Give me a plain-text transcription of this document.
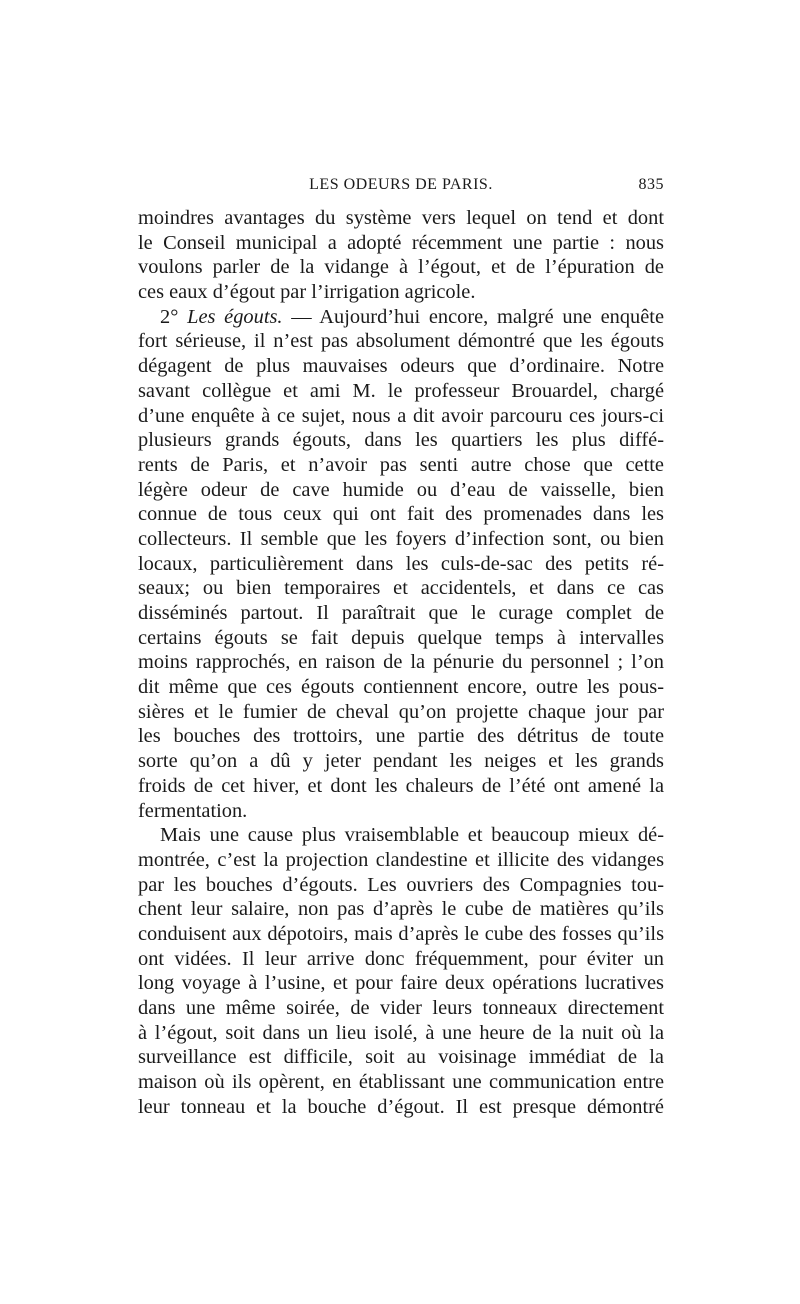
LES ODEURS DE PARIS.	835
moindres avantages du système vers lequel on tend et dont
le Conseil municipal a adopté récemment une partie : nous
voulons parler de la vidange à l’égout, et de l’épuration de
ces eaux d’égout par l’irrigation agricole.
2° Les égouts. — Aujourd’hui encore, malgré une enquête
fort sérieuse, il n’est pas absolument démontré que les égouts
dégagent de plus mauvaises odeurs que d’ordinaire. Notre
savant collègue et ami M. le professeur Brouardel, chargé
d’une enquête à ce sujet, nous a dit avoir parcouru ces jours-ci
plusieurs grands égouts, dans les quartiers les plus diffé-
rents de Paris, et n’avoir pas senti autre chose que cette
légère odeur de cave humide ou d’eau de vaisselle, bien
connue de tous ceux qui ont fait des promenades dans les
collecteurs. Il semble que les foyers d’infection sont, ou bien
locaux, particulièrement dans les culs-de-sac des petits ré-
seaux; ou bien temporaires et accidentels, et dans ce cas
disséminés partout. Il paraîtrait que le curage complet de
certains égouts se fait depuis quelque temps à intervalles
moins rapprochés, en raison de la pénurie du personnel ; l’on
dit même que ces égouts contiennent encore, outre les pous-
sières et le fumier de cheval qu’on projette chaque jour par
les bouches des trottoirs, une partie des détritus de toute
sorte qu’on a dû y jeter pendant les neiges et les grands
froids de cet hiver, et dont les chaleurs de l’été ont amené la
fermentation.
Mais une cause plus vraisemblable et beaucoup mieux dé-
montrée, c’est la projection clandestine et illicite des vidanges
par les bouches d’égouts. Les ouvriers des Compagnies tou-
chent leur salaire, non pas d’après le cube de matières qu’ils
conduisent aux dépotoirs, mais d’après le cube des fosses qu’ils
ont vidées. Il leur arrive donc fréquemment, pour éviter un
long voyage à l’usine, et pour faire deux opérations lucratives
dans une même soirée, de vider leurs tonneaux directement
à l’égout, soit dans un lieu isolé, à une heure de la nuit où la
surveillance est difficile, soit au voisinage immédiat de la
maison où ils opèrent, en établissant une communication entre
leur tonneau et la bouche d’égout. Il est presque démontré
